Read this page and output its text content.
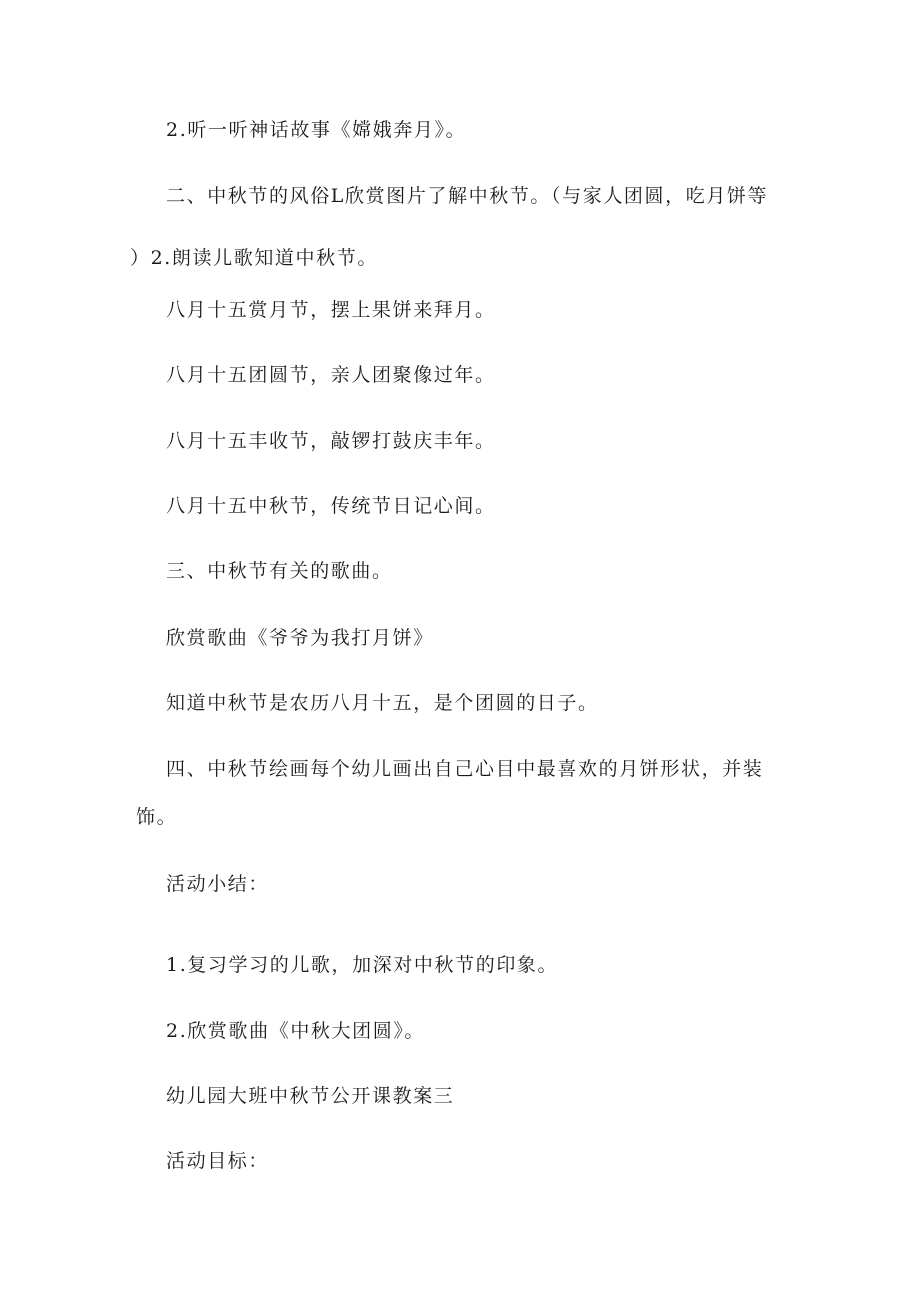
2.听一听神话故事《嫦娥奔月》。

二、中秋节的风俗L欣赏图片了解中秋节。（与家人团圆，吃月饼等
）2.朗读儿歌知道中秋节。

八月十五赏月节，摆上果饼来拜月。

八月十五团圆节，亲人团聚像过年。

八月十五丰收节，敲锣打鼓庆丰年。

八月十五中秋节，传统节日记心间。

三、中秋节有关的歌曲。

欣赏歌曲《爷爷为我打月饼》

知道中秋节是农历八月十五，是个团圆的日子。

四、中秋节绘画每个幼儿画出自己心目中最喜欢的月饼形状，并装
饰。

活动小结：

1.复习学习的儿歌，加深对中秋节的印象。

2.欣赏歌曲《中秋大团圆》。

幼儿园大班中秋节公开课教案三

活动目标：
